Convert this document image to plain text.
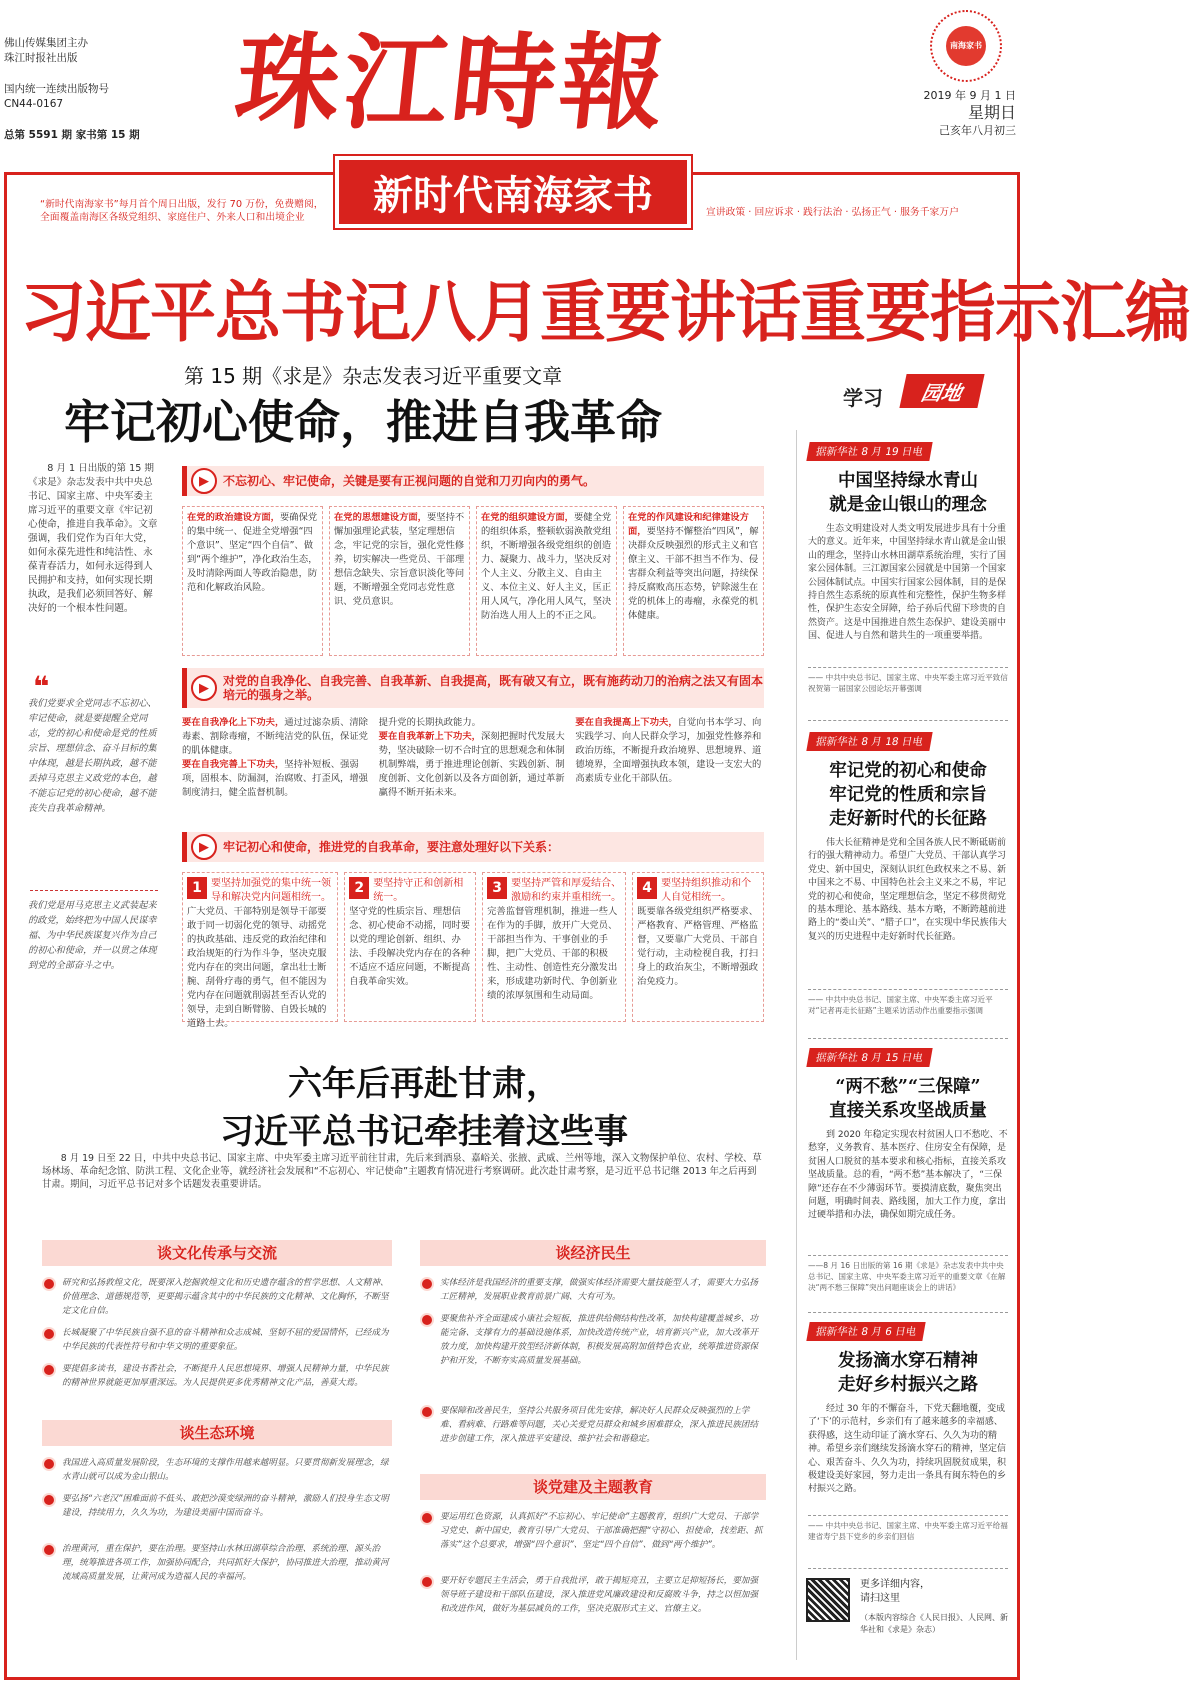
佛山传媒集团主办
珠江时报社出版
国内统一连续出版物号
CN44-0167
总第 5591 期 家书第 15 期 珠江時報	南海家书
2019 年 9 月 1 日
星期日
己亥年八月初三
新时代南海家书
“新时代南海家书”每月首个周日出版，发行 70 万份，免费赠阅，全面覆盖南海区各级党组织、家庭住户、外来人口和出境企业	宣讲政策 · 回应诉求 · 践行法治 · 弘扬正气 · 服务千家万户
习近平总书记八月重要讲话重要指示汇编
第 15 期《求是》杂志发表习近平重要文章
牢记初心使命，推进自我革命	学习	园地

8 月 1 日出版的第 15 期《求是》杂志发表中共中央总书记、国家主席、中央军委主席习近平的重要文章《牢记初心使命，推进自我革命》。文章强调，我们党作为百年大党，如何永葆先进性和纯洁性、永葆青春活力，如何永远得到人民拥护和支持，如何实现长期执政，是我们必须回答好、解决好的一个根本性问题。

❝
我们党要求全党同志不忘初心、牢记使命，就是要提醒全党同志，党的初心和使命是党的性质宗旨、理想信念、奋斗目标的集中体现，越是长期执政，越不能丢掉马克思主义政党的本色，越不能忘记党的初心使命，越不能丧失自我革命精神。
我们党是用马克思主义武装起来的政党，始终把为中国人民谋幸福、为中华民族谋复兴作为自己的初心和使命，并一以贯之体现到党的全部奋斗之中。
▶	不忘初心、牢记使命，关键是要有正视问题的自觉和刀刃向内的勇气。
在党的政治建设方面，要确保党的集中统一、促进全党增强“四个意识”、坚定“四个自信”、做到“两个维护”，净化政治生态，及时清除两面人等政治隐患，防范和化解政治风险。
在党的思想建设方面，要坚持不懈加强理论武装，坚定理想信念，牢记党的宗旨，强化党性修养，切实解决一些党员、干部理想信念缺失、宗旨意识淡化等问题，不断增强全党同志党性意识、党员意识。
在党的组织建设方面，要健全党的组织体系，整顿软弱涣散党组织，不断增强各级党组织的创造力、凝聚力、战斗力，坚决反对个人主义、分散主义、自由主义、本位主义、好人主义，匡正用人风气，净化用人风气，坚决防治选人用人上的不正之风。
在党的作风建设和纪律建设方面，要坚持不懈整治“四风”，解决群众反映强烈的形式主义和官僚主义、干部不担当不作为、侵害群众利益等突出问题，持续保持反腐败高压态势，铲除滋生在党的机体上的毒瘤，永葆党的机体健康。
▶	对党的自我净化、自我完善、自我革新、自我提高，既有破又有立，既有施药动刀的治病之法又有固本培元的强身之举。
要在自我净化上下功夫，通过过滤杂质、清除毒素、割除毒瘤，不断纯洁党的队伍，保证党的肌体健康。
要在自我完善上下功夫，坚持补短板、强弱项，固根本、防漏洞，治腐败、打歪风，增强制度清扫，健全监督机制。
提升党的长期执政能力。
要在自我革新上下功夫，深刻把握时代发展大势，坚决破除一切不合时宜的思想观念和体制机制弊端，勇于推进理论创新、实践创新、制度创新、文化创新以及各方面创新，通过革新赢得不断开拓未来。
要在自我提高上下功夫，自觉向书本学习、向实践学习、向人民群众学习，加强党性修养和政治历练，不断提升政治境界、思想境界、道德境界，全面增强执政本领，建设一支宏大的高素质专业化干部队伍。
▶	牢记初心和使命，推进党的自我革命，要注意处理好以下关系：
1 要坚持加强党的集中统一领导和解决党内问题相统一。
广大党员、干部特别是领导干部要敢于同一切弱化党的领导、动摇党的执政基础、违反党的政治纪律和政治规矩的行为作斗争，坚决克服党内存在的突出问题，拿出壮士断腕、刮骨疗毒的勇气，但不能因为党内存在问题就削弱甚至否认党的领导，走到自断臂膀、自毁长城的道路上去。
2 要坚持守正和创新相统一。
坚守党的性质宗旨、理想信念、初心使命不动摇，同时要以党的理论创新、组织、办法、手段解决党内存在的各种不适应不适应问题，不断提高自我革命实效。
3 要坚持严管和厚爱结合、激励和约束并重相统一。
完善监督管理机制，推进一些人在作为的手脚，放开广大党员、干部担当作为、干事创业的手脚，把广大党员、干部的积极性、主动性、创造性充分激发出来，形成建功新时代、争创新业绩的浓厚氛围和生动局面。
4 要坚持组织推动和个人自觉相统一。
既要靠各级党组织严格要求、严格教育、严格管理、严格监督，又要靠广大党员、干部自觉行动，主动检视自我，打扫身上的政治灰尘，不断增强政治免疫力。
六年后再赴甘肃，
习近平总书记牵挂着这些事

8 月 19 日至 22 日，中共中央总书记、国家主席、中央军委主席习近平前往甘肃，先后来到酒泉、嘉峪关、张掖、武威、兰州等地，深入文物保护单位、农村、学校、草场林场、革命纪念馆、防洪工程、文化企业等，就经济社会发展和“不忘初心、牢记使命”主题教育情况进行考察调研。此次赴甘肃考察，是习近平总书记继 2013 年之后再到甘肃。期间，习近平总书记对多个话题发表重要讲话。

谈文化传承与交流
研究和弘扬敦煌文化，既要深入挖掘敦煌文化和历史遗存蕴含的哲学思想、人文精神、价值理念、道德规范等，更要揭示蕴含其中的中华民族的文化精神、文化胸怀，不断坚定文化自信。
长城凝聚了中华民族自强不息的奋斗精神和众志成城、坚韧不屈的爱国情怀，已经成为中华民族的代表性符号和中华文明的重要象征。
要提倡多读书，建设书香社会，不断提升人民思想境界、增强人民精神力量，中华民族的精神世界就能更加厚重深远。为人民提供更多优秀精神文化产品，善莫大焉。
谈生态环境
我国进入高质量发展阶段，生态环境的支撑作用越来越明显。只要贯彻新发展理念，绿水青山就可以成为金山银山。
要弘扬“六老汉”困难面前不低头、敢把沙漠变绿洲的奋斗精神，激励人们投身生态文明建设，持续用力，久久为功，为建设美丽中国而奋斗。
治理黄河，重在保护，要在治理。要坚持山水林田湖草综合治理、系统治理、源头治理，统筹推进各项工作，加强协同配合，共同抓好大保护，协同推进大治理，推动黄河流域高质量发展，让黄河成为造福人民的幸福河。
谈经济民生
实体经济是我国经济的重要支撑，做强实体经济需要大量技能型人才，需要大力弘扬工匠精神，发展职业教育前景广阔、大有可为。
要聚焦补齐全面建成小康社会短板，推进供给侧结构性改革，加快构建覆盖城乡、功能完备、支撑有力的基础设施体系，加快改造传统产业，培育新兴产业，加大改革开放力度，加快构建开放型经济新体制，积极发展高附加值特色农业，统筹推进资源保护和开发，不断夯实高质量发展基础。
要保障和改善民生，坚持公共服务项目优先安排，解决好人民群众反映强烈的上学难、看病难、行路难等问题，关心关爱党员群众和城乡困难群众，深入推进民族团结进步创建工作，深入推进平安建设、维护社会和谐稳定。
谈党建及主题教育
要运用红色资源，认真抓好“不忘初心、牢记使命”主题教育，组织广大党员、干部学习党史、新中国史，教育引导广大党员、干部准确把握“守初心、担使命，找差距、抓落实”这个总要求，增强“四个意识”、坚定“四个自信”、做到“两个维护”。
要开好专题民主生活会，勇于自我批评，敢于揭短亮丑，主要立足抑短扬长，要加强领导班子建设和干部队伍建设，深入推进党风廉政建设和反腐败斗争，持之以恒加强和改进作风，做好为基层减负的工作，坚决克服形式主义、官僚主义。
据新华社 8 月 19 日电
中国坚持绿水青山
就是金山银山的理念

生态文明建设对人类文明发展进步具有十分重大的意义。近年来，中国坚持绿水青山就是金山银山的理念，坚持山水林田湖草系统治理，实行了国家公园体制。三江源国家公园就是中国第一个国家公园体制试点。中国实行国家公园体制，目的是保持自然生态系统的原真性和完整性，保护生物多样性，保护生态安全屏障，给子孙后代留下珍贵的自然资产。这是中国推进自然生态保护、建设美丽中国、促进人与自然和谐共生的一项重要举措。

—— 中共中央总书记、国家主席、中央军委主席习近平致信祝贺第一届国家公园论坛开幕强调
据新华社 8 月 18 日电
牢记党的初心和使命
牢记党的性质和宗旨
走好新时代的长征路

伟大长征精神是党和全国各族人民不断砥砺前行的强大精神动力。希望广大党员、干部认真学习党史、新中国史，深刻认识红色政权来之不易、新中国来之不易、中国特色社会主义来之不易，牢记党的初心和使命，坚定理想信念，坚定不移贯彻党的基本理论、基本路线、基本方略，不断跨越前进路上的“娄山关”、“腊子口”，在实现中华民族伟大复兴的历史进程中走好新时代长征路。

—— 中共中央总书记、国家主席、中央军委主席习近平对“记者再走长征路”主题采访活动作出重要指示强调
据新华社 8 月 15 日电
“两不愁”“三保障”
直接关系攻坚战质量

到 2020 年稳定实现农村贫困人口不愁吃、不愁穿，义务教育、基本医疗、住房安全有保障，是贫困人口脱贫的基本要求和核心指标，直接关系攻坚战质量。总的看，“两不愁”基本解决了，“三保障”还存在不少薄弱环节。要摸清底数，聚焦突出问题，明确时间表、路线图，加大工作力度，拿出过硬举措和办法，确保如期完成任务。

——8 月 16 日出版的第 16 期《求是》杂志发表中共中央总书记、国家主席、中央军委主席习近平的重要文章《在解决“两不愁三保障”突出问题座谈会上的讲话》
据新华社 8 月 6 日电
发扬滴水穿石精神
走好乡村振兴之路

经过 30 年的不懈奋斗，下党天翻地覆，变成了‘下’的示范村，乡亲们有了越来越多的幸福感、获得感，这生动印证了滴水穿石、久久为功的精神。希望乡亲们继续发扬滴水穿石的精神，坚定信心、艰苦奋斗、久久为功，持续巩固脱贫成果，积极建设美好家园，努力走出一条具有闽东特色的乡村振兴之路。

—— 中共中央总书记、国家主席、中央军委主席习近平给福建省寿宁县下党乡的乡亲们回信
更多详细内容，
请扫这里
（本版内容综合《人民日报》、人民网、新华社和《求是》杂志）
